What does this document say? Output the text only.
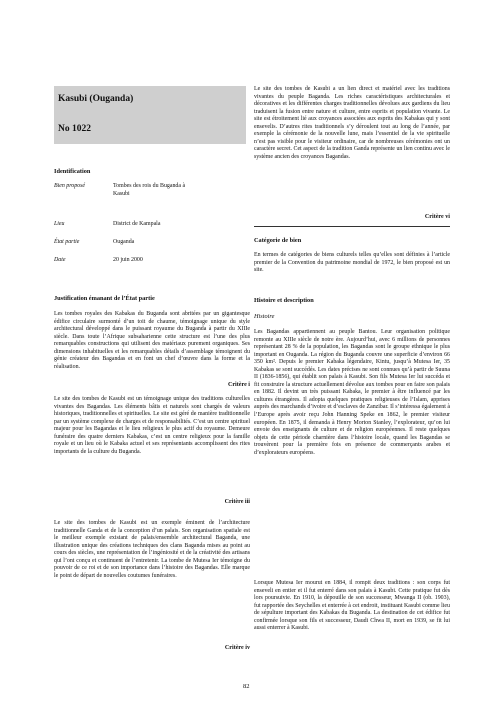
Kasubi (Ouganda)
No 1022

Identification

Bien proposé	Tombes des rois du Buganda à Kasubi
Lieu	District de Kampala
État partie	Ouganda
Date	20 juin 2000

Justification émanant de l’État partie

Les tombes royales des Kabakas du Buganda sont abritées par un gigantesque édifice circulaire surmonté d’un toit de chaume, témoignage unique du style architectural développé dans le puissant royaume du Buganda à partir du XIIIe siècle. Dans toute l’Afrique subsaharienne cette structure est l’une des plus remarquables constructions qui utilisent des matériaux purement organiques. Ses dimensions inhabituelles et les remarquables détails d’assemblage témoignent du génie créateur des Bagandas et en font un chef d’œuvre dans la forme et la réalisation.

Critère i

Le site des tombes de Kasubi est un témoignage unique des traditions culturelles vivantes des Bagandas. Les éléments bâtis et naturels sont chargés de valeurs historiques, traditionnelles et spirituelles. Le site est géré de manière traditionnelle par un système complexe de charges et de responsabilités. C’est un centre spirituel majeur pour les Bagandas et le lieu religieux le plus actif du royaume. Demeure funéraire des quatre derniers Kabakas, c’est un centre religieux pour la famille royale et un lieu où le Kabaka actuel et ses représentants accomplissent des rites importants de la culture du Buganda.

Critère iii

Le site des tombes de Kasubi est un exemple éminent de l’architecture traditionnelle Ganda et de la conception d’un palais. Son organisation spatiale est le meilleur exemple existant de palais/ensemble architectural Baganda, une illustration unique des créations techniques des clans Baganda mises au point au cours des siècles, une représentation de l’ingéniosité et de la créativité des artisans qui l’ont conçu et continuent de l’entretenir. La tombe de Mutesa Ier témoigne du pouvoir de ce roi et de son importance dans l’histoire des Bagandas. Elle marque le point de départ de nouvelles coutumes funéraires.

Critère iv

Le site des tombes de Kasubi a un lien direct et matériel avec les traditions vivantes du peuple Baganda. Les riches caractéristiques architecturales et décoratives et les différentes charges traditionnelles dévolues aux gardiens du lieu traduisent la fusion entre nature et culture, entre esprits et population vivante. Le site est étroitement lié aux croyances associées aux esprits des Kabakas qui y sont ensevelis. D’autres rites traditionnels s’y déroulent tout au long de l’année, par exemple la cérémonie de la nouvelle lune, mais l’essentiel de la vie spirituelle n’est pas visible pour le visiteur ordinaire, car de nombreuses cérémonies ont un caractère secret. Cet aspect de la tradition Ganda représente un lien continu avec le système ancien des croyances Bagandas.

Critère vi

Catégorie de bien

En termes de catégories de biens culturels telles qu’elles sont définies à l’article premier de la Convention du patrimoine mondial de 1972, le bien proposé est un site.

Histoire et description

Histoire

Les Bagandas appartiennent au peuple Bantou. Leur organisation politique remonte au XIIIe siècle de notre ère. Aujourd’hui, avec 6 millions de personnes représentant 28 % de la population, les Bagandas sont le groupe ethnique le plus important en Ouganda. La région du Buganda couvre une superficie d’environ 66 350 km². Depuis le premier Kabaka légendaire, Kintu, jusqu’à Mutesa Ier, 35 Kabakas se sont succédés. Les dates précises ne sont connues qu’à partir de Suuna II (1836-1856), qui établit son palais à Kasubi. Son fils Mutesa Ier lui succéda et fit construire la structure actuellement dévolue aux tombes pour en faire son palais en 1882. Il devint un très puissant Kabaka, le premier à être influencé par les cultures étrangères. Il adopta quelques pratiques religieuses de l’Islam, apprises auprès des marchands d’ivoire et d’esclaves de Zanzibar. Il s’intéressa également à l’Europe après avoir reçu John Hanning Speke en 1862, le premier visiteur européen. En 1875, il demanda à Henry Morton Stanley, l’explorateur, qu’on lui envoie des enseignants de culture et de religion européennes. Il reste quelques objets de cette période charnière dans l’histoire locale, quand les Bagandas se trouvèrent pour la première fois en présence de commerçants arabes et d’explorateurs européens.

Lorsque Mutesa Ier mourut en 1884, il rompit deux traditions : son corps fut enseveli en entier et il fut enterré dans son palais à Kasubi. Cette pratique fut dès lors poursuivie. En 1910, la dépouille de son successeur, Mwanga II (ob. 1903), fut rapportée des Seychelles et enterrée à cet endroit, instituant Kasubi comme lieu de sépulture important des Kabakas du Buganda. La destination de cet édifice fut confirmée lorsque son fils et successeur, Daudi Chwa II, mort en 1939, se fit lui aussi enterrer à Kasubi.

82
